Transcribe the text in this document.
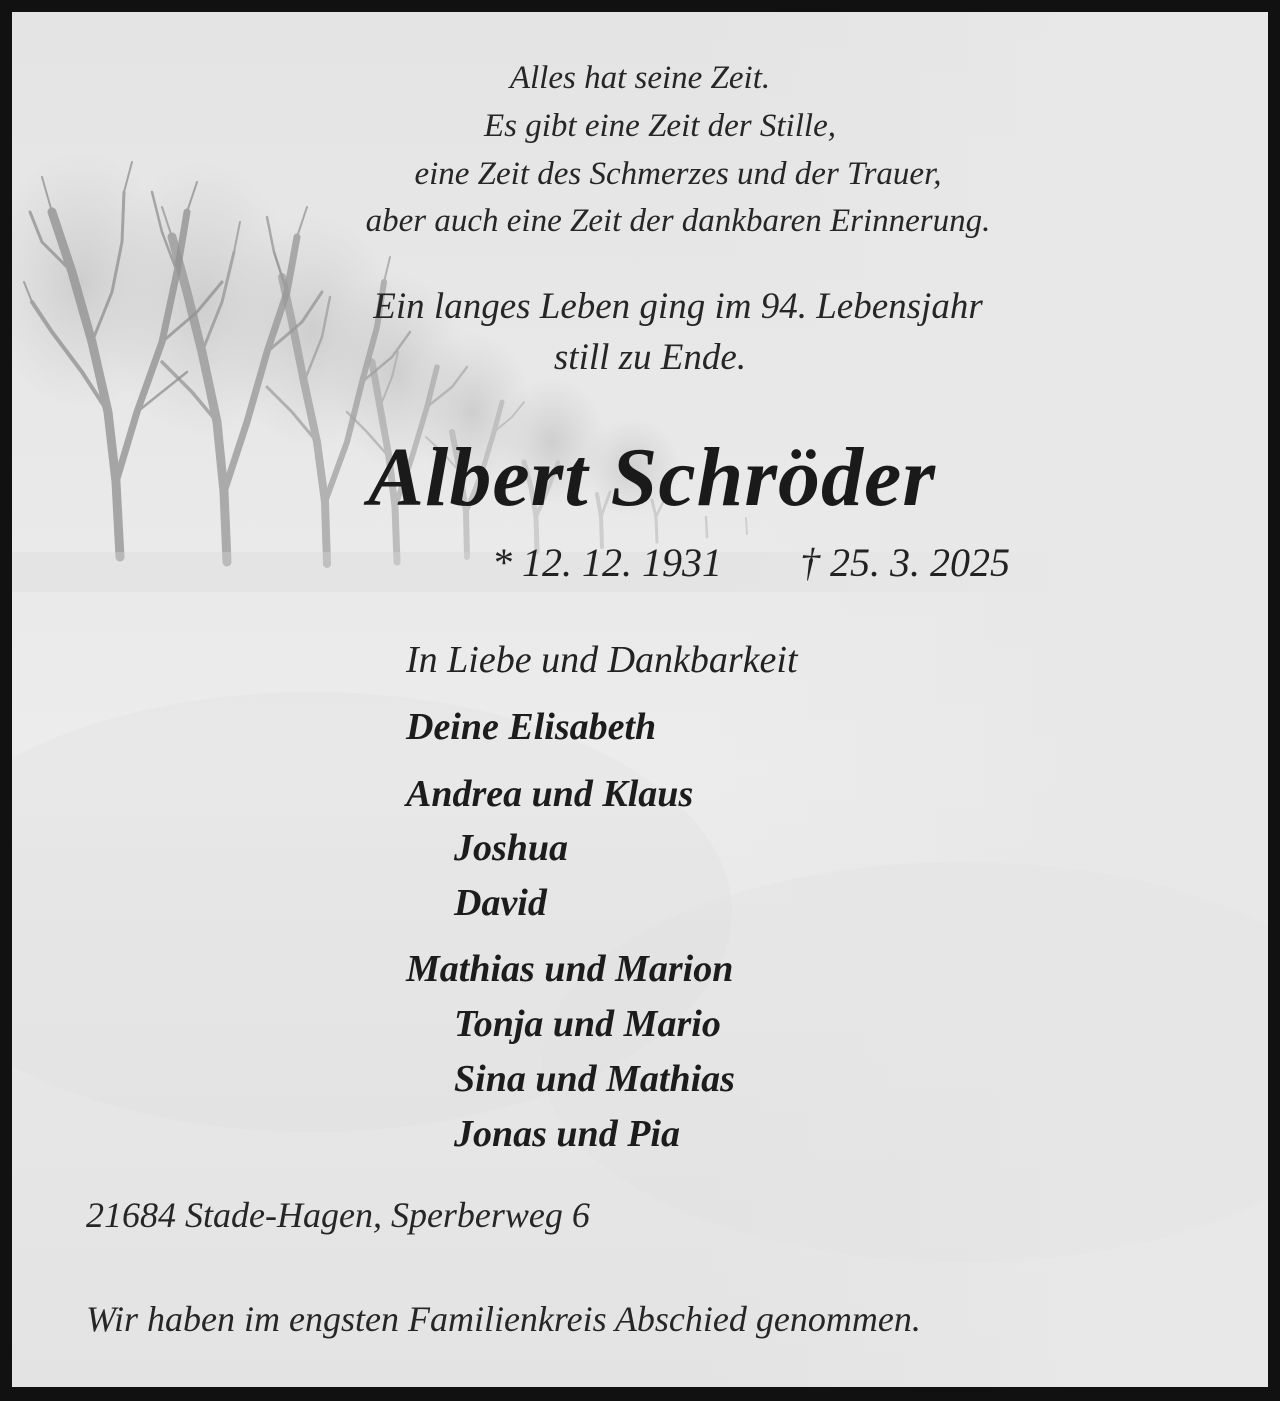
Alles hat seine Zeit.

Es gibt eine Zeit der Stille,

eine Zeit des Schmerzes und der Trauer,

aber auch eine Zeit der dankbaren Erinnerung.

Ein langes Leben ging im 94. Lebensjahr

still zu Ende.

Albert Schröder

* 12. 12. 1931 † 25. 3. 2025

In Liebe und Dankbarkeit

Deine Elisabeth

Andrea und Klaus

Joshua

David

Mathias und Marion

Tonja und Mario

Sina und Mathias

Jonas und Pia

21684 Stade-Hagen, Sperberweg 6

Wir haben im engsten Familienkreis Abschied genommen.
